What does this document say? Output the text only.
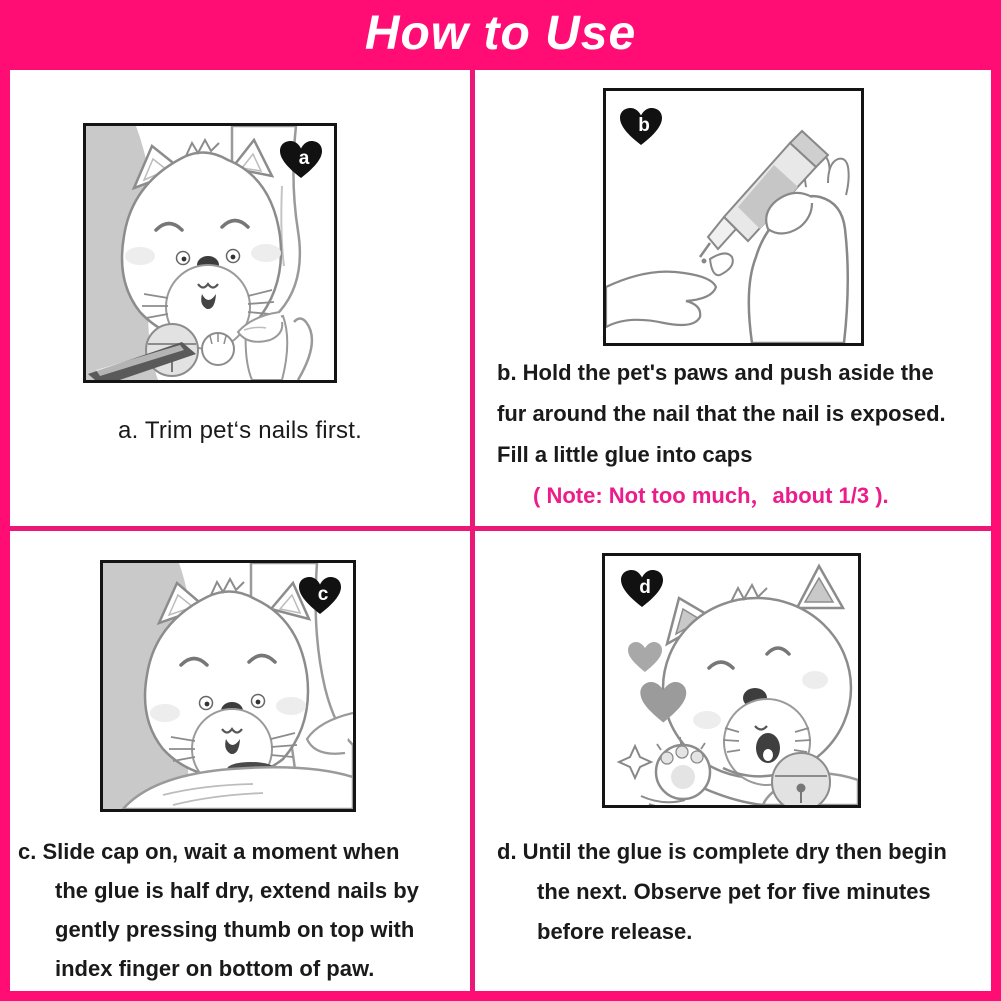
How to Use
a
a. Trim pet‘s nails first.
b
b. Hold the pet's paws and push aside the
fur around the nail that the nail is exposed.
Fill a little glue into caps
( Note: Not too much，about 1/3 ).
c
c. Slide cap on, wait a moment when
the glue is half dry, extend nails by
gently pressing thumb on top with
index finger on bottom of paw.
d
d. Until the glue is complete dry then begin
the next. Observe pet for five minutes
before release.
